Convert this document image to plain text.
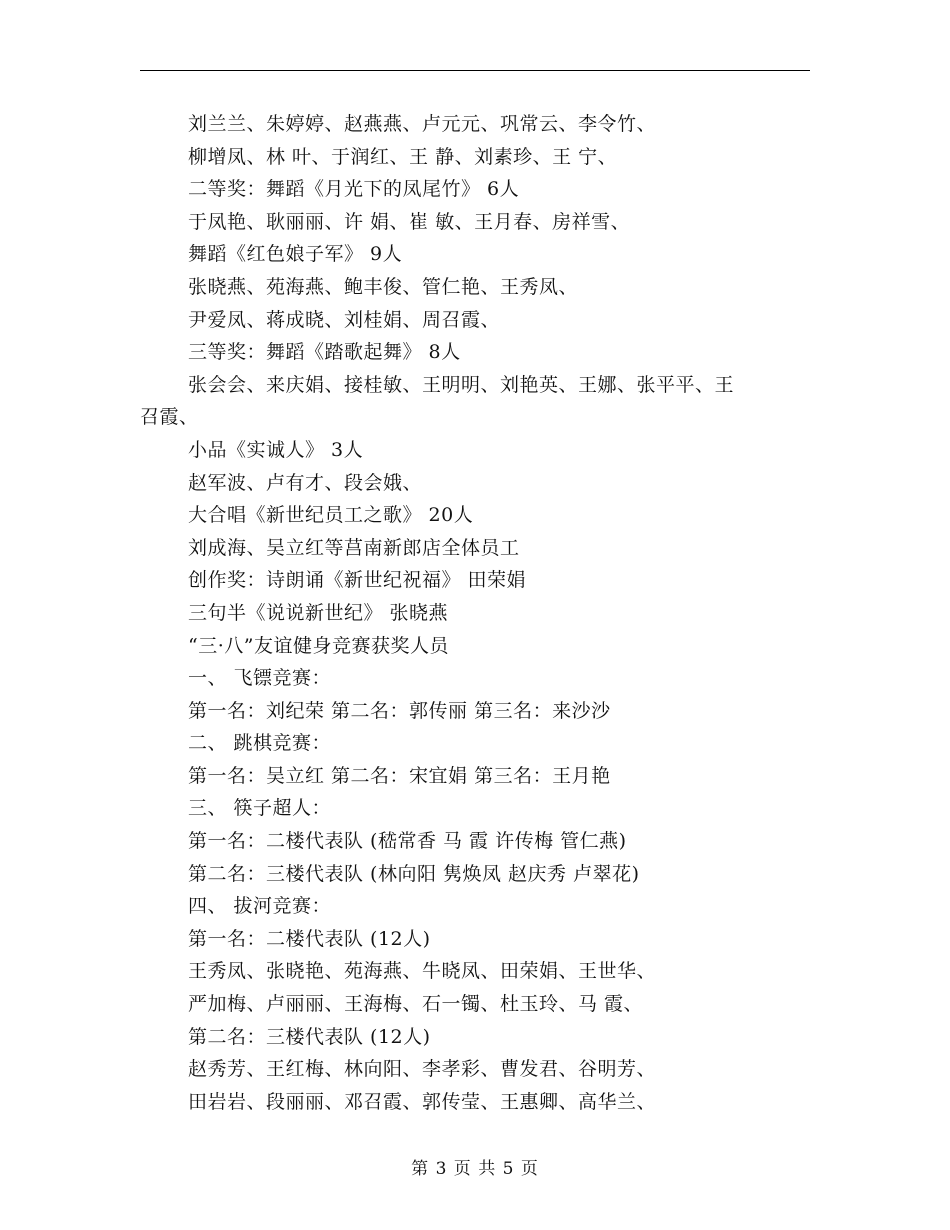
刘兰兰、朱婷婷、赵燕燕、卢元元、巩常云、李令竹、
柳增凤、林 叶、于润红、王 静、刘素珍、王 宁、
二等奖：舞蹈《月光下的凤尾竹》 6人
于凤艳、耿丽丽、许 娟、崔 敏、王月春、房祥雪、
舞蹈《红色娘子军》 9人
张晓燕、苑海燕、鲍丰俊、管仁艳、王秀凤、
尹爱凤、蒋成晓、刘桂娟、周召霞、
三等奖：舞蹈《踏歌起舞》 8人
张会会、来庆娟、接桂敏、王明明、刘艳英、王娜、张平平、王
召霞、
小品《实诚人》 3人
赵军波、卢有才、段会娥、
大合唱《新世纪员工之歌》 20人
刘成海、吴立红等莒南新郎店全体员工
创作奖：诗朗诵《新世纪祝福》 田荣娟
三句半《说说新世纪》 张晓燕
“三·八”友谊健身竞赛获奖人员
一、 飞镖竞赛：
第一名：刘纪荣 第二名：郭传丽 第三名：来沙沙
二、 跳棋竞赛：
第一名：吴立红 第二名：宋宜娟 第三名：王月艳
三、 筷子超人：
第一名：二楼代表队 (嵇常香 马 霞 许传梅 管仁燕)
第二名：三楼代表队 (林向阳 隽焕凤 赵庆秀 卢翠花)
四、 拔河竞赛：
第一名：二楼代表队 (12人)
王秀凤、张晓艳、苑海燕、牛晓凤、田荣娟、王世华、
严加梅、卢丽丽、王海梅、石一镯、杜玉玲、马 霞、
第二名：三楼代表队 (12人)
赵秀芳、王红梅、林向阳、李孝彩、曹发君、谷明芳、
田岩岩、段丽丽、邓召霞、郭传莹、王惠卿、高华兰、
第 3 页 共 5 页
